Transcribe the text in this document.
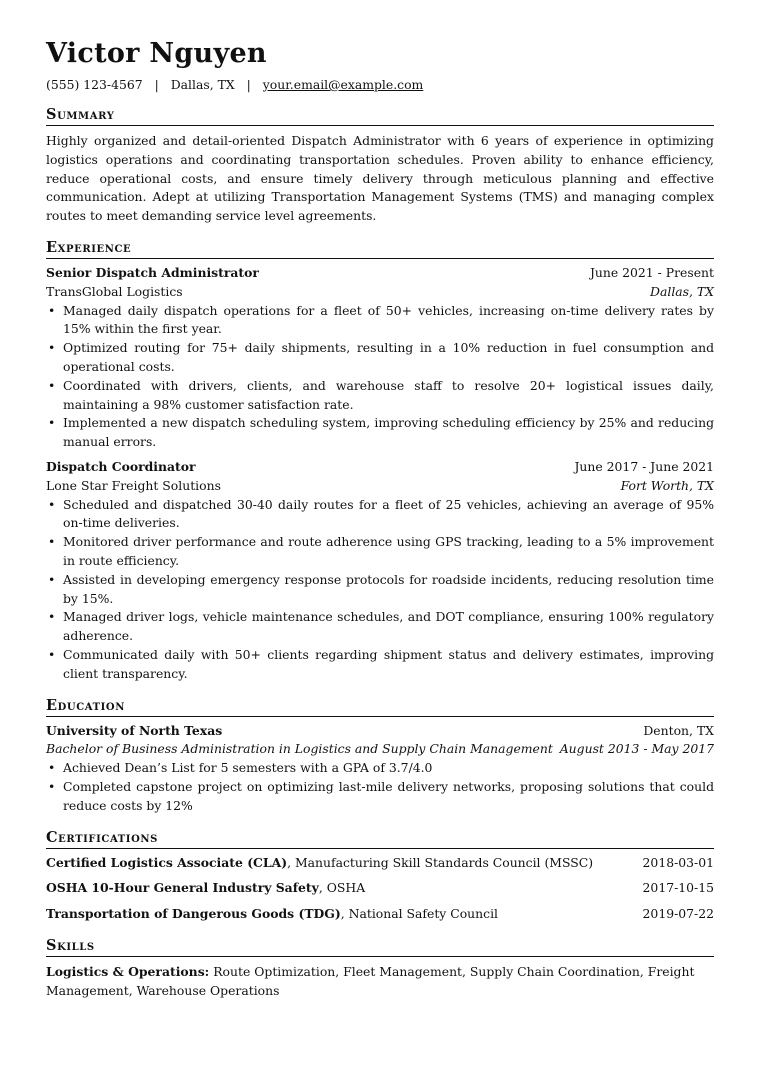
Victor Nguyen
(555) 123-4567 | Dallas, TX | your.email@example.com
Summary
Highly organized and detail-oriented Dispatch Administrator with 6 years of experience in optimizing logistics operations and coordinating transportation schedules. Proven ability to enhance efficiency, reduce operational costs, and ensure timely delivery through meticulous planning and effective communication. Adept at utilizing Transportation Management Systems (TMS) and managing complex routes to meet demanding service level agreements.
Experience
Senior Dispatch Administrator	June 2021 - Present
TransGlobal Logistics	Dallas, TX
• Managed daily dispatch operations for a fleet of 50+ vehicles, increasing on-time delivery rates by 15% within the first year.
• Optimized routing for 75+ daily shipments, resulting in a 10% reduction in fuel consumption and operational costs.
• Coordinated with drivers, clients, and warehouse staff to resolve 20+ logistical issues daily, maintaining a 98% customer satisfaction rate.
• Implemented a new dispatch scheduling system, improving scheduling efficiency by 25% and reducing manual errors.
Dispatch Coordinator	June 2017 - June 2021
Lone Star Freight Solutions	Fort Worth, TX
• Scheduled and dispatched 30-40 daily routes for a fleet of 25 vehicles, achieving an average of 95% on-time deliveries.
• Monitored driver performance and route adherence using GPS tracking, leading to a 5% improvement in route efficiency.
• Assisted in developing emergency response protocols for roadside incidents, reducing resolution time by 15%.
• Managed driver logs, vehicle maintenance schedules, and DOT compliance, ensuring 100% regulatory adherence.
• Communicated daily with 50+ clients regarding shipment status and delivery estimates, improving client transparency.
Education
University of North Texas	Denton, TX
Bachelor of Business Administration in Logistics and Supply Chain Management August 2013 - May 2017
• Achieved Dean’s List for 5 semesters with a GPA of 3.7/4.0
• Completed capstone project on optimizing last-mile delivery networks, proposing solutions that could reduce costs by 12%
Certifications
Certified Logistics Associate (CLA), Manufacturing Skill Standards Council (MSSC)	2018-03-01
OSHA 10-Hour General Industry Safety, OSHA	2017-10-15
Transportation of Dangerous Goods (TDG), National Safety Council	2019-07-22
Skills
Logistics & Operations: Route Optimization, Fleet Management, Supply Chain Coordination, Freight Management, Warehouse Operations
